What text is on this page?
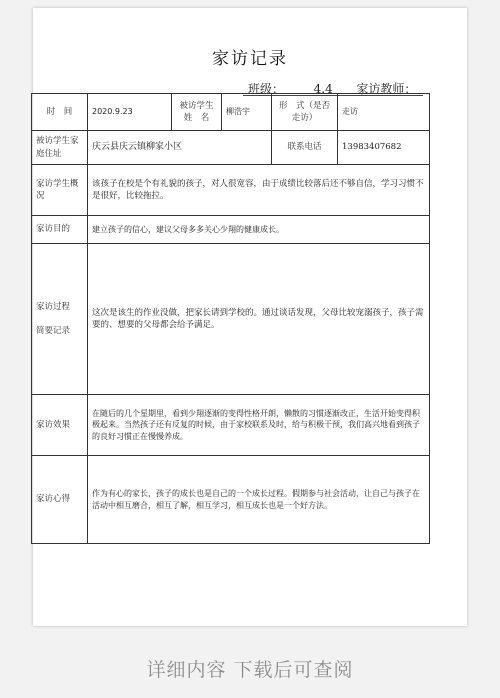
家访记录
班级： 4.4 家访教师：
时　间	2020.9.23	被访学生姓　名	柳浩宇	形　式（是否走访）	走访
被访学生家庭住址	庆云县庆云镇柳家小区			联系电话	13983407682
家访学生概　况	该孩子在校是个有礼貌的孩子，对人很宽容，由于成绩比较落后还不够自信，学习习惯不是很好，比较拖拉。				
家访目的	建立孩子的信心，建议父母多多关心少翔的健康成长。				

家访过程
简要记录	这次是该生的作业没做，把家长请到学校的。通过谈话发现，父母比较宠溺孩子，孩子需要的、想要的父母都会给予满足。				
家访效果	在随后的几个星期里，看到少翔逐渐的变得性格开朗，懒散的习惯逐渐改正，生活开始变得积极起来。当然孩子还有反复的时候，由于家校联系及时，给与积极干预，我们高兴地看到孩子的良好习惯正在慢慢养成。				
家访心得	作为有心的家长，孩子的成长也是自己的一个成长过程。假期参与社会活动，让自己与孩子在活动中相互磨合，相互了解，相互学习，相互成长也是一个好方法。				
详细内容 下载后可查阅
